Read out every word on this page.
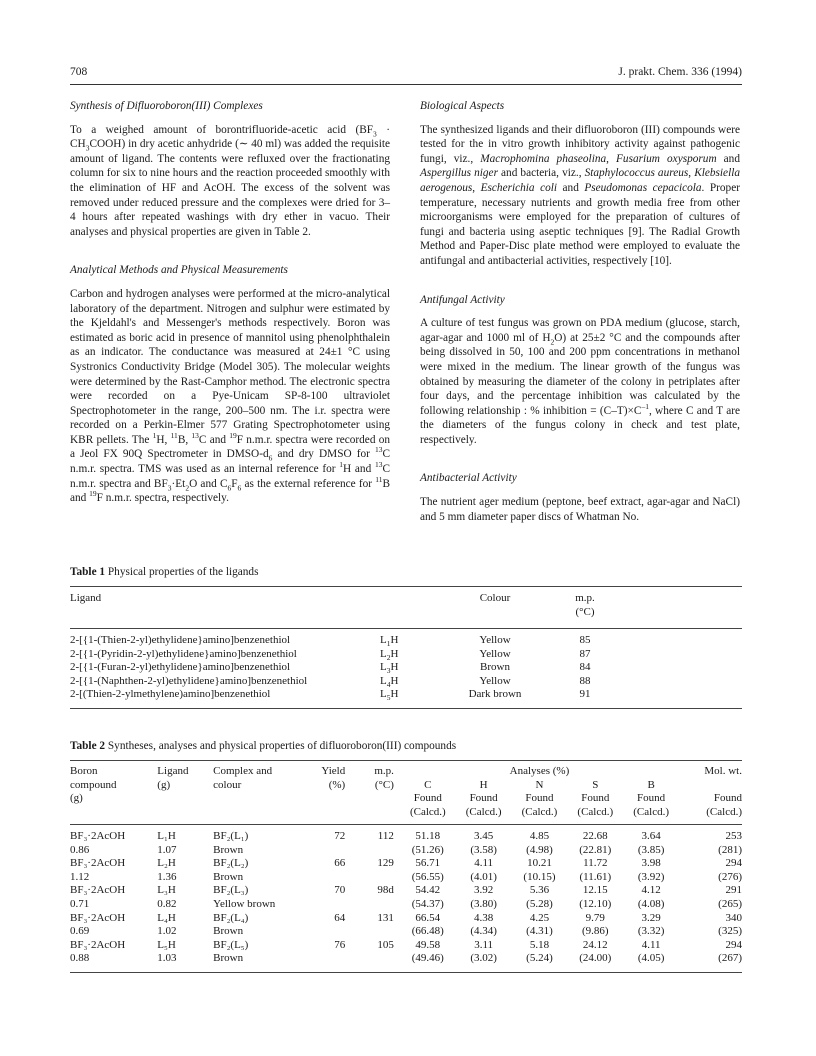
708	J. prakt. Chem. 336 (1994)
Synthesis of Difluoroboron(III) Complexes

To a weighed amount of borontrifluoride-acetic acid ($BF_3$ · $CH_3COOH$) in dry acetic anhydride (∼ 40 ml) was added the requisite amount of ligand. The contents were refluxed over the fractionating column for six to nine hours and the reaction proceeded smoothly with the elimination of HF and AcOH. The excess of the solvent was removed under reduced pressure and the complexes were dried for 3–4 hours after repeated washings with dry ether in vacuo. Their analyses and physical properties are given in Table 2.

Analytical Methods and Physical Measurements

Carbon and hydrogen analyses were performed at the micro-analytical laboratory of the department. Nitrogen and sulphur were estimated by the Kjeldahl's and Messenger's methods respectively. Boron was estimated as boric acid in presence of mannitol using phenolphthalein as an indicator. The conductance was measured at 24±1 °C using Systronics Conductivity Bridge (Model 305). The molecular weights were determined by the Rast-Camphor method. The electronic spectra were recorded on a Pye-Unicam SP-8-100 ultraviolet Spectrophotometer in the range, 200–500 nm. The i.r. spectra were recorded on a Perkin-Elmer 577 Grating Spectrophotometer using KBR pellets. The $^1$H, $^{11}$B, $^{13}$C and $^{19}$F n.m.r. spectra were recorded on a Jeol FX 90Q Spectrometer in DMSO-$d_6$ and dry DMSO for $^{13}$C n.m.r. spectra. TMS was used as an internal reference for $^1$H and $^{13}$C n.m.r. spectra and $BF_3\cdot Et_2O$ and $C_6F_6$ as the external reference for $^{11}$B and $^{19}$F n.m.r. spectra, respectively.

Biological Aspects

The synthesized ligands and their difluoroboron (III) compounds were tested for the in vitro growth inhibitory activity against pathogenic fungi, viz., Macrophomina phaseolina, Fusarium oxysporum and Aspergillus niger and bacteria, viz., Staphylococcus aureus, Klebsiella aerogenous, Escherichia coli and Pseudomonas cepacicola. Proper temperature, necessary nutrients and growth media free from other microorganisms were employed for the preparation of cultures of fungi and bacteria using aseptic techniques [9]. The Radial Growth Method and Paper-Disc plate method were employed to evaluate the antifungal and antibacterial activities, respectively [10].

Antifungal Activity

A culture of test fungus was grown on PDA medium (glucose, starch, agar-agar and 1000 ml of $H_2O$) at 25±2 °C and the compounds after being dissolved in 50, 100 and 200 ppm concentrations in methanol were mixed in the medium. The linear growth of the fungus was obtained by measuring the diameter of the colony in petriplates after four days, and the percentage inhibition was calculated by the following relationship : % inhibition = $(C-T)\times C^{-1}$, where C and T are the diameters of the fungus colony in check and test plate, respectively.

Antibacterial Activity

The nutrient ager medium (peptone, beef extract, agar-agar and NaCl) and 5 mm diameter paper discs of Whatman No.

Table 1 Physical properties of the ligands
Ligand		Colour	m.p.	
			(°C)	
2-[{1-(Thien-2-yl)ethylidene}amino]benzenethiol	$L_1H$	Yellow	85	
2-[{1-(Pyridin-2-yl)ethylidene}amino]benzenethiol	$L_2H$	Yellow	87	
2-[{1-(Furan-2-yl)ethylidene}amino]benzenethiol	$L_3H$	Brown	84	
2-[{1-(Naphthen-2-yl)ethylidene}amino]benzenethiol	$L_4H$	Yellow	88	
2-[(Thien-2-ylmethylene)amino]benzenethiol	$L_5H$	Dark brown	91	
Table 2 Syntheses, analyses and physical properties of difluoroboron(III) compounds
Boron	Ligand	Complex and	Yield	m.p.	Analyses (%)					Mol. wt.
compound	(g)	colour	(%)	(°C)	C	H	N	S	B	
(g)					Found	Found	Found	Found	Found	Found
					(Calcd.)	(Calcd.)	(Calcd.)	(Calcd.)	(Calcd.)	(Calcd.)
BF₃·2AcOH	L₁H	BF₂(L₁)	72	112	51.18	3.45	4.85	22.68	3.64	253
0.86	1.07	Brown			(51.26)	(3.58)	(4.98)	(22.81)	(3.85)	(281)
BF₃·2AcOH	L₂H	BF₂(L₂)	66	129	56.71	4.11	10.21	11.72	3.98	294
1.12	1.36	Brown			(56.55)	(4.01)	(10.15)	(11.61)	(3.92)	(276)
BF₃·2AcOH	L₃H	BF₂(L₃)	70	98d	54.42	3.92	5.36	12.15	4.12	291
0.71	0.82	Yellow brown			(54.37)	(3.80)	(5.28)	(12.10)	(4.08)	(265)
BF₃·2AcOH	L₄H	BF₂(L₄)	64	131	66.54	4.38	4.25	9.79	3.29	340
0.69	1.02	Brown			(66.48)	(4.34)	(4.31)	(9.86)	(3.32)	(325)
BF₃·2AcOH	L₅H	BF₂(L₅)	76	105	49.58	3.11	5.18	24.12	4.11	294
0.88	1.03	Brown			(49.46)	(3.02)	(5.24)	(24.00)	(4.05)	(267)
